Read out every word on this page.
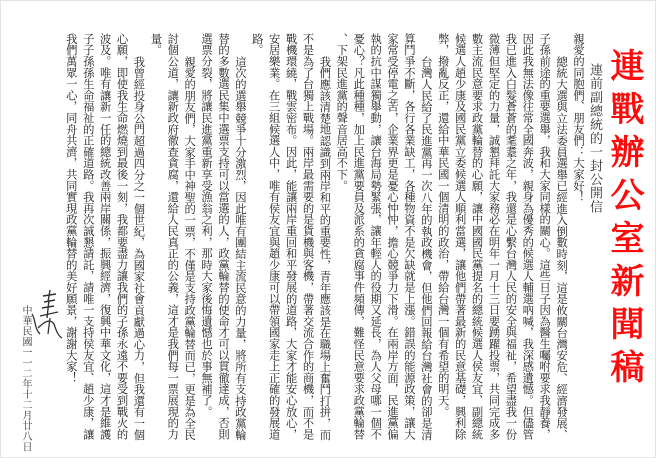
連戰辦公室新聞稿
連前副總統的一封公開信

親愛的同胞們、朋友們：大家好！

總統大選與立法委員選舉已經進入倒數時刻，這是攸關台灣安危、經濟發展、子孫前途的重要選舉，我和大家同樣的關心。這些日子因為醫生囑咐要求我靜養，因此我無法像往常全國奔波，親身為優秀的候選人輔選吶喊，我深感遺憾。但儘管我已進入白髮蒼蒼的耄耋之年，我還是心繫台灣人民的安全與福祉，希望盡我一份微薄但堅定的力量，誠懇拜託大家務必在明年一月十三日要踴躍投票，共同完成多數主流民意要求政黨輪替的心願，讓中國國民黨提名的總統候選人侯友宜、副總統候選人趙少康及國民黨立委候選人順利當選，讓他們帶著最新的民意基礎，興利除弊，撥亂反正，還給中華民國一個清明的政治，帶給台灣一個有希望的明天。

台灣人民給了民進黨再一次八年的執政機會，但他們回報給台灣社會的卻是清算鬥爭不斷，各行各業缺工，各種物資不是欠缺就是上漲。錯誤的能源政策，讓大家常受停電之苦，企業界更是憂心忡忡，擔心競爭力下滑。在兩岸方面，民進黨偏執的抗中謀獨舉動，讓台海局勢緊張，讓年輕人的役期又延長，為人父母哪一個不憂心？凡此種種，加上民進黨要員及派系的貪腐事件頻傳，難怪民意要求政黨輪替、下架民進黨的聲音居高不下。

我們應該清楚地認識到兩岸和平的重要性，青年應該是在職場上奮鬥打拼，而不是為了台獨上戰場。兩岸最需要的是貨機與客機，帶著交流合作的商機，而不是戰機環繞，戰雲密布。因此，能讓兩岸重回和平發展的道路，大家才能安心放心，安居樂業。在三組候選人中，唯有侯友宜與趙少康可以帶領國家走上正確的發展道路。

這次的選舉競爭十分激烈，因此唯有團結主流民意的力量，將所有支持政黨輪替的多數選民集中選票支持可以當選的人，政黨輪替的使命才可以貫徹達成，否則選票分裂，將讓民進黨重新享受漁翁之利，那時大家後悔遺憾也於事無補了。

親愛的朋友們，大家手中神聖的一票，不僅是支持政黨輪替而已，更是為全民討個公道，讓新政府徹查貪腐，還給人民真正的公義，這才是我們每一票展現的力量。

我曾經投身公門超過四分之一個世紀，為國家社會貢獻過心力，但我還有一個心願，即使我生命燃燒到最後一刻，我都要盡力讓我們的子孫永遠不要受到戰火的波及。唯有讓新一任的總統改善兩岸關係，振興經濟，復興中華文化，這才是維護子子孫孫生命福祉的正確道路。我再次誠懇請託，請唯一支持侯友宜、趙少康，讓我們萬眾一心，同舟共濟，共同實現政黨輪替的美好願景，謝謝大家！

中華民國一一二年十二月廿八日
